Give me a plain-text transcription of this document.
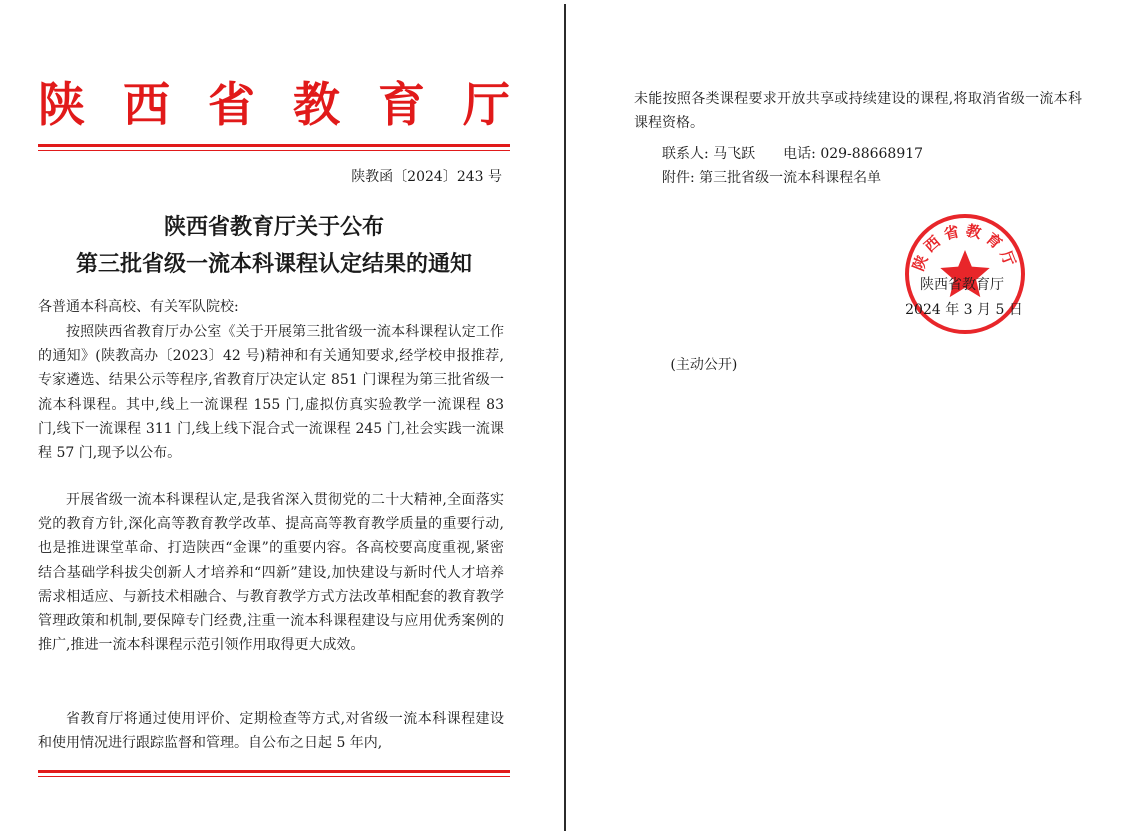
陕 西 省 教 育 厅
陕教函〔2024〕243 号
陕西省教育厅关于公布
第三批省级一流本科课程认定结果的通知
各普通本科高校、有关军队院校:
按照陕西省教育厅办公室《关于开展第三批省级一流本科课程认定工作的通知》(陕教高办〔2023〕42 号)精神和有关通知要求,经学校申报推荐,专家遴选、结果公示等程序,省教育厅决定认定 851 门课程为第三批省级一流本科课程。其中,线上一流课程 155 门,虚拟仿真实验教学一流课程 83 门,线下一流课程 311 门,线上线下混合式一流课程 245 门,社会实践一流课程 57 门,现予以公布。
开展省级一流本科课程认定,是我省深入贯彻党的二十大精神,全面落实党的教育方针,深化高等教育教学改革、提高高等教育教学质量的重要行动,也是推进课堂革命、打造陕西“金课”的重要内容。各高校要高度重视,紧密结合基础学科拔尖创新人才培养和“四新”建设,加快建设与新时代人才培养需求相适应、与新技术相融合、与教育教学方式方法改革相配套的教育教学管理政策和机制,要保障专门经费,注重一流本科课程建设与应用优秀案例的推广,推进一流本科课程示范引领作用取得更大成效。
省教育厅将通过使用评价、定期检查等方式,对省级一流本科课程建设和使用情况进行跟踪监督和管理。自公布之日起 5 年内,
未能按照各类课程要求开放共享或持续建设的课程,将取消省级一流本科课程资格。
联系人: 马飞跃　　电话: 029-88668917
附件: 第三批省级一流本科课程名单
陕西省教育厅
陕西省教育厅
2024 年 3 月 5 日
(主动公开)
